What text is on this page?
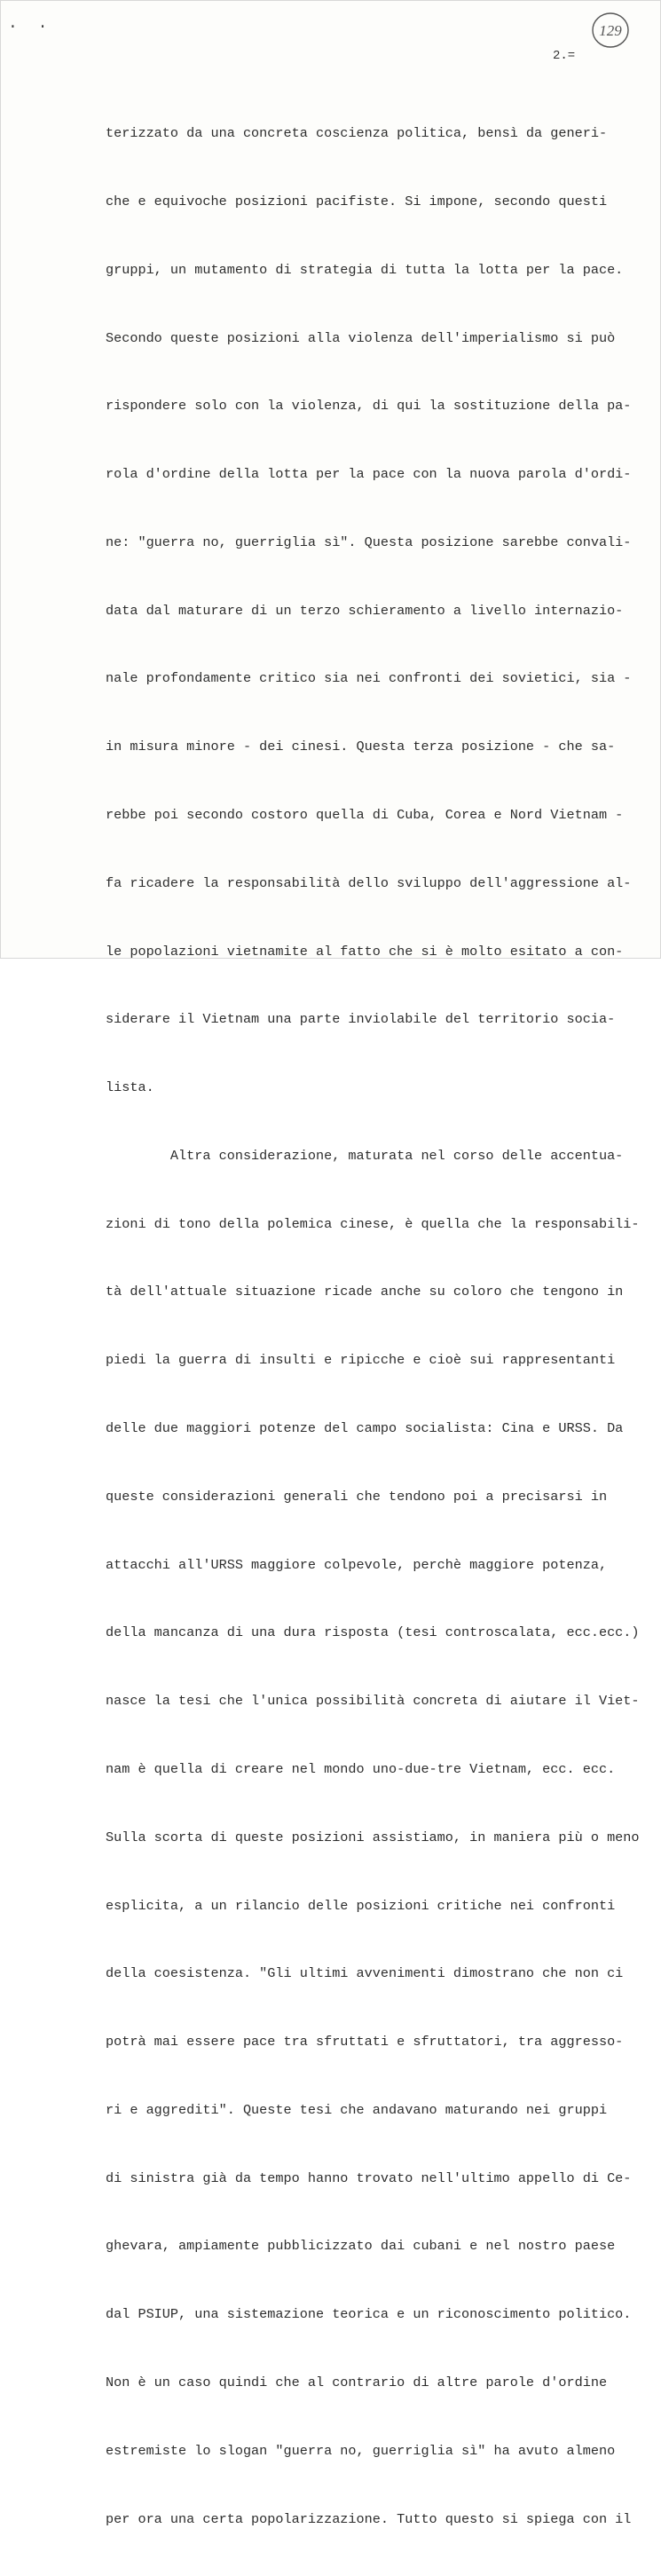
. .	129
2.=

terizzato da una concreta coscienza politica, bensì da generi-

che e equivoche posizioni pacifiste. Si impone, secondo questi

gruppi, un mutamento di strategia di tutta la lotta per la pace.

Secondo queste posizioni alla violenza dell'imperialismo si può

rispondere solo con la violenza, di qui la sostituzione della pa-

rola d'ordine della lotta per la pace con la nuova parola d'ordi-

ne: "guerra no, guerriglia sì". Questa posizione sarebbe convali-

data dal maturare di un terzo schieramento a livello internazio-

nale profondamente critico sia nei confronti dei sovietici, sia -

in misura minore - dei cinesi. Questa terza posizione - che sa-

rebbe poi secondo costoro quella di Cuba, Corea e Nord Vietnam -

fa ricadere la responsabilità dello sviluppo dell'aggressione al-

le popolazioni vietnamite al fatto che si è molto esitato a con-

siderare il Vietnam una parte inviolabile del territorio socia-

lista.

Altra considerazione, maturata nel corso delle accentua-

zioni di tono della polemica cinese, è quella che la responsabili-

tà dell'attuale situazione ricade anche su coloro che tengono in

piedi la guerra di insulti e ripicche e cioè sui rappresentanti

delle due maggiori potenze del campo socialista: Cina e URSS. Da

queste considerazioni generali che tendono poi a precisarsi in

attacchi all'URSS maggiore colpevole, perchè maggiore potenza,

della mancanza di una dura risposta (tesi controscalata, ecc.ecc.)

nasce la tesi che l'unica possibilità concreta di aiutare il Viet-

nam è quella di creare nel mondo uno-due-tre Vietnam, ecc. ecc.

Sulla scorta di queste posizioni assistiamo, in maniera più o meno

esplicita, a un rilancio delle posizioni critiche nei confronti

della coesistenza. "Gli ultimi avvenimenti dimostrano che non ci

potrà mai essere pace tra sfruttati e sfruttatori, tra aggresso-

ri e aggrediti". Queste tesi che andavano maturando nei gruppi

di sinistra già da tempo hanno trovato nell'ultimo appello di Ce-

ghevara, ampiamente pubblicizzato dai cubani e nel nostro paese

dal PSIUP, una sistemazione teorica e un riconoscimento politico.

Non è un caso quindi che al contrario di altre parole d'ordine

estremiste lo slogan "guerra no, guerriglia sì" ha avuto almeno

per ora una certa popolarizzazione. Tutto questo si spiega con il
